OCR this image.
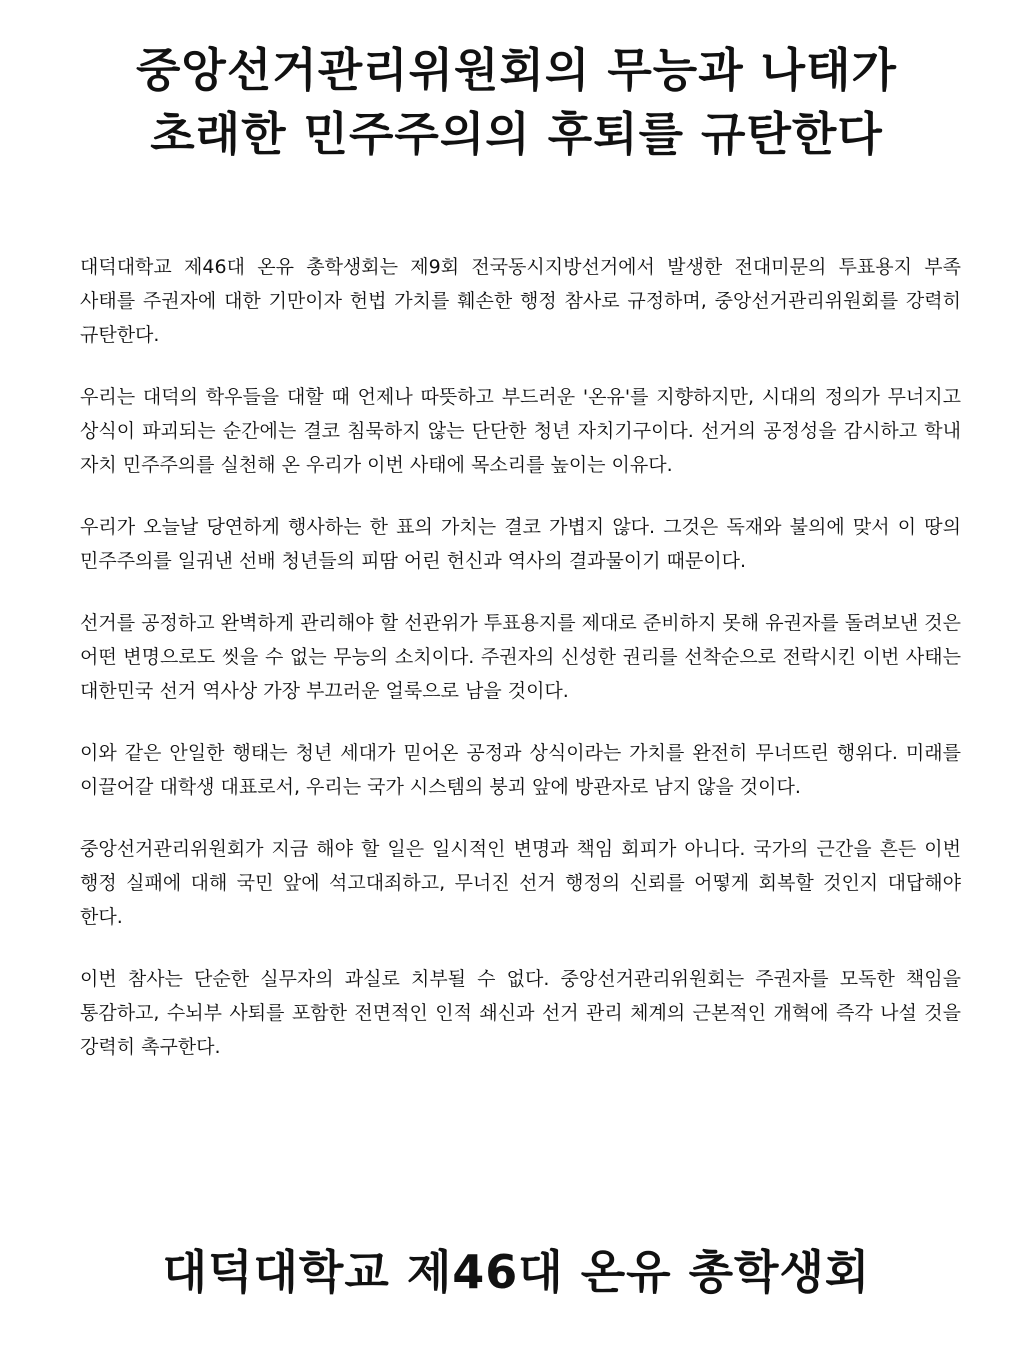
중앙선거관리위원회의 무능과 나태가
초래한 민주주의의 후퇴를 규탄한다

대덕대학교 제46대 온유 총학생회는 제9회 전국동시지방선거에서 발생한 전대미문의 투표용지 부족 사태를 주권자에 대한 기만이자 헌법 가치를 훼손한 행정 참사로 규정하며, 중앙선거관리위원회를 강력히 규탄한다.

우리는 대덕의 학우들을 대할 때 언제나 따뜻하고 부드러운 '온유'를 지향하지만, 시대의 정의가 무너지고 상식이 파괴되는 순간에는 결코 침묵하지 않는 단단한 청년 자치기구이다. 선거의 공정성을 감시하고 학내 자치 민주주의를 실천해 온 우리가 이번 사태에 목소리를 높이는 이유다.

우리가 오늘날 당연하게 행사하는 한 표의 가치는 결코 가볍지 않다. 그것은 독재와 불의에 맞서 이 땅의 민주주의를 일궈낸 선배 청년들의 피땀 어린 헌신과 역사의 결과물이기 때문이다.

선거를 공정하고 완벽하게 관리해야 할 선관위가 투표용지를 제대로 준비하지 못해 유권자를 돌려보낸 것은 어떤 변명으로도 씻을 수 없는 무능의 소치이다. 주권자의 신성한 권리를 선착순으로 전락시킨 이번 사태는 대한민국 선거 역사상 가장 부끄러운 얼룩으로 남을 것이다.

이와 같은 안일한 행태는 청년 세대가 믿어온 공정과 상식이라는 가치를 완전히 무너뜨린 행위다. 미래를 이끌어갈 대학생 대표로서, 우리는 국가 시스템의 붕괴 앞에 방관자로 남지 않을 것이다.

중앙선거관리위원회가 지금 해야 할 일은 일시적인 변명과 책임 회피가 아니다. 국가의 근간을 흔든 이번 행정 실패에 대해 국민 앞에 석고대죄하고, 무너진 선거 행정의 신뢰를 어떻게 회복할 것인지 대답해야 한다.

이번 참사는 단순한 실무자의 과실로 치부될 수 없다. 중앙선거관리위원회는 주권자를 모독한 책임을 통감하고, 수뇌부 사퇴를 포함한 전면적인 인적 쇄신과 선거 관리 체계의 근본적인 개혁에 즉각 나설 것을 강력히 촉구한다.

대덕대학교 제46대 온유 총학생회
